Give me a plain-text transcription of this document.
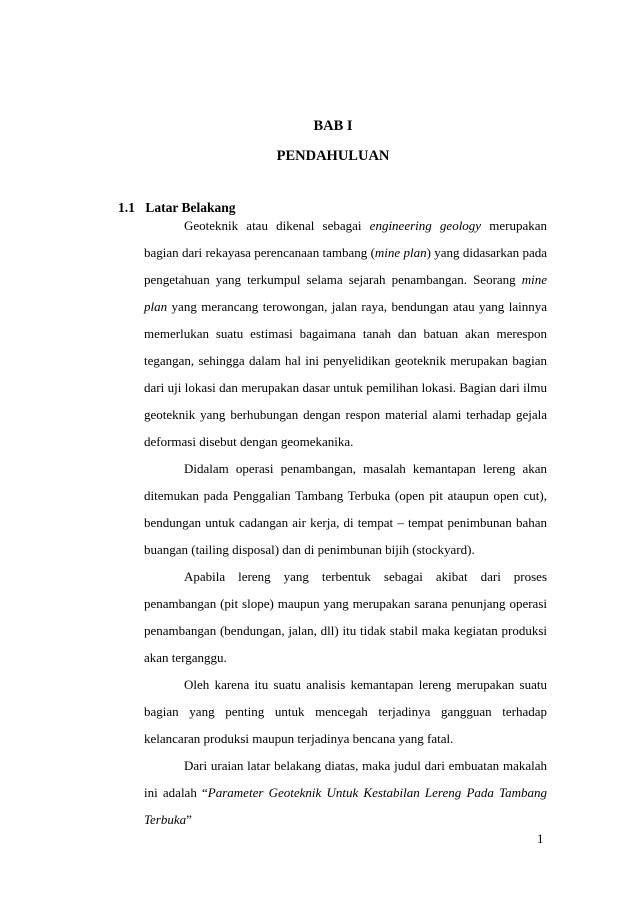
BAB I
PENDAHULUAN
1.1 Latar Belakang

Geoteknik atau dikenal sebagai engineering geology merupakan bagian dari rekayasa perencanaan tambang (mine plan) yang didasarkan pada pengetahuan yang terkumpul selama sejarah penambangan. Seorang mine plan yang merancang terowongan, jalan raya, bendungan atau yang lainnya memerlukan suatu estimasi bagaimana tanah dan batuan akan merespon tegangan, sehingga dalam hal ini penyelidikan geoteknik merupakan bagian dari uji lokasi dan merupakan dasar untuk pemilihan lokasi. Bagian dari ilmu geoteknik yang berhubungan dengan respon material alami terhadap gejala deformasi disebut dengan geomekanika.

Didalam operasi penambangan, masalah kemantapan lereng akan ditemukan pada Penggalian Tambang Terbuka (open pit ataupun open cut), bendungan untuk cadangan air kerja, di tempat – tempat penimbunan bahan buangan (tailing disposal) dan di penimbunan bijih (stockyard).

Apabila lereng yang terbentuk sebagai akibat dari proses penambangan (pit slope) maupun yang merupakan sarana penunjang operasi penambangan (bendungan, jalan, dll) itu tidak stabil maka kegiatan produksi akan terganggu.

Oleh karena itu suatu analisis kemantapan lereng merupakan suatu bagian yang penting untuk mencegah terjadinya gangguan terhadap kelancaran produksi maupun terjadinya bencana yang fatal.

Dari uraian latar belakang diatas, maka judul dari embuatan makalah ini adalah “Parameter Geoteknik Untuk Kestabilan Lereng Pada Tambang Terbuka”

1
